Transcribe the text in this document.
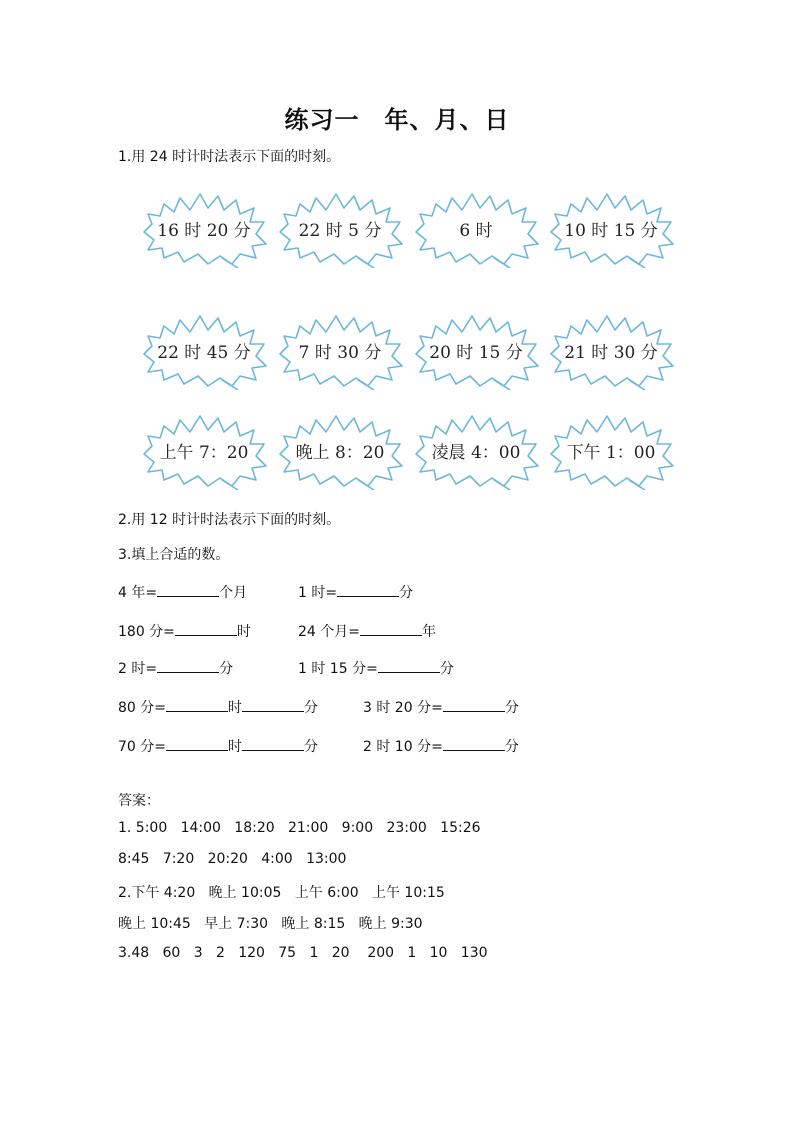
练习一　年、月、日
1.用 24 时计时法表示下面的时刻。
16 时 20 分	22 时 5 分	6 时	10 时 15 分
22 时 45 分	7 时 30 分	20 时 15 分	21 时 30 分
上午 7：20	晚上 8：20	凌晨 4：00	下午 1：00
2.用 12 时计时法表示下面的时刻。
3.填上合适的数。
4 年=	个月	1 时=	分
180 分=	时	24 个月=	年
2 时=	分	1 时 15 分=	分
80 分=	时	分	3 时 20 分=	分
70 分=	时	分	2 时 10 分=	分
答案：
1. 5:00   14:00   18:20   21:00   9:00   23:00   15:26
8:45   7:20   20:20   4:00   13:00
2.下午 4:20   晚上 10:05   上午 6:00   上午 10:15
晚上 10:45   早上 7:30   晚上 8:15   晚上 9:30
3.48   60   3   2   120   75   1   20    200   1   10   130
